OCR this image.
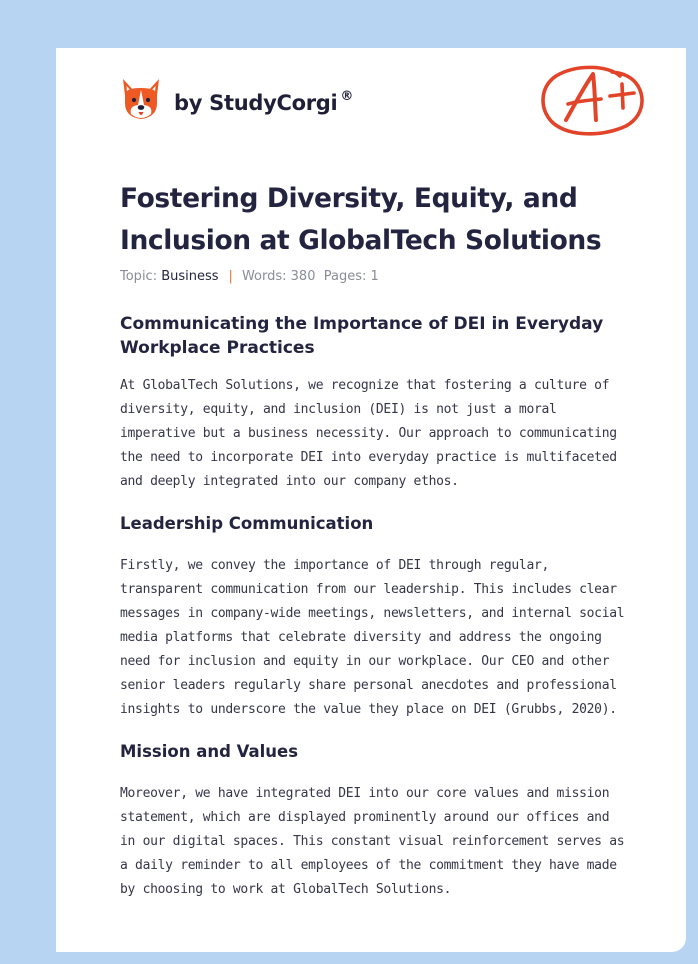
by StudyCorgi ®
Fostering Diversity, Equity, and Inclusion at GlobalTech Solutions
Topic: Business | Words: 380 Pages: 1
Communicating the Importance of DEI in Everyday Workplace Practices

At GlobalTech Solutions, we recognize that fostering a culture of diversity, equity, and inclusion (DEI) is not just a moral imperative but a business necessity. Our approach to communicating the need to incorporate DEI into everyday practice is multifaceted and deeply integrated into our company ethos.

Leadership Communication

Firstly, we convey the importance of DEI through regular, transparent communication from our leadership. This includes clear messages in company-wide meetings, newsletters, and internal social media platforms that celebrate diversity and address the ongoing need for inclusion and equity in our workplace. Our CEO and other senior leaders regularly share personal anecdotes and professional insights to underscore the value they place on DEI (Grubbs, 2020).

Mission and Values

Moreover, we have integrated DEI into our core values and mission statement, which are displayed prominently around our offices and in our digital spaces. This constant visual reinforcement serves as a daily reminder to all employees of the commitment they have made by choosing to work at GlobalTech Solutions.
